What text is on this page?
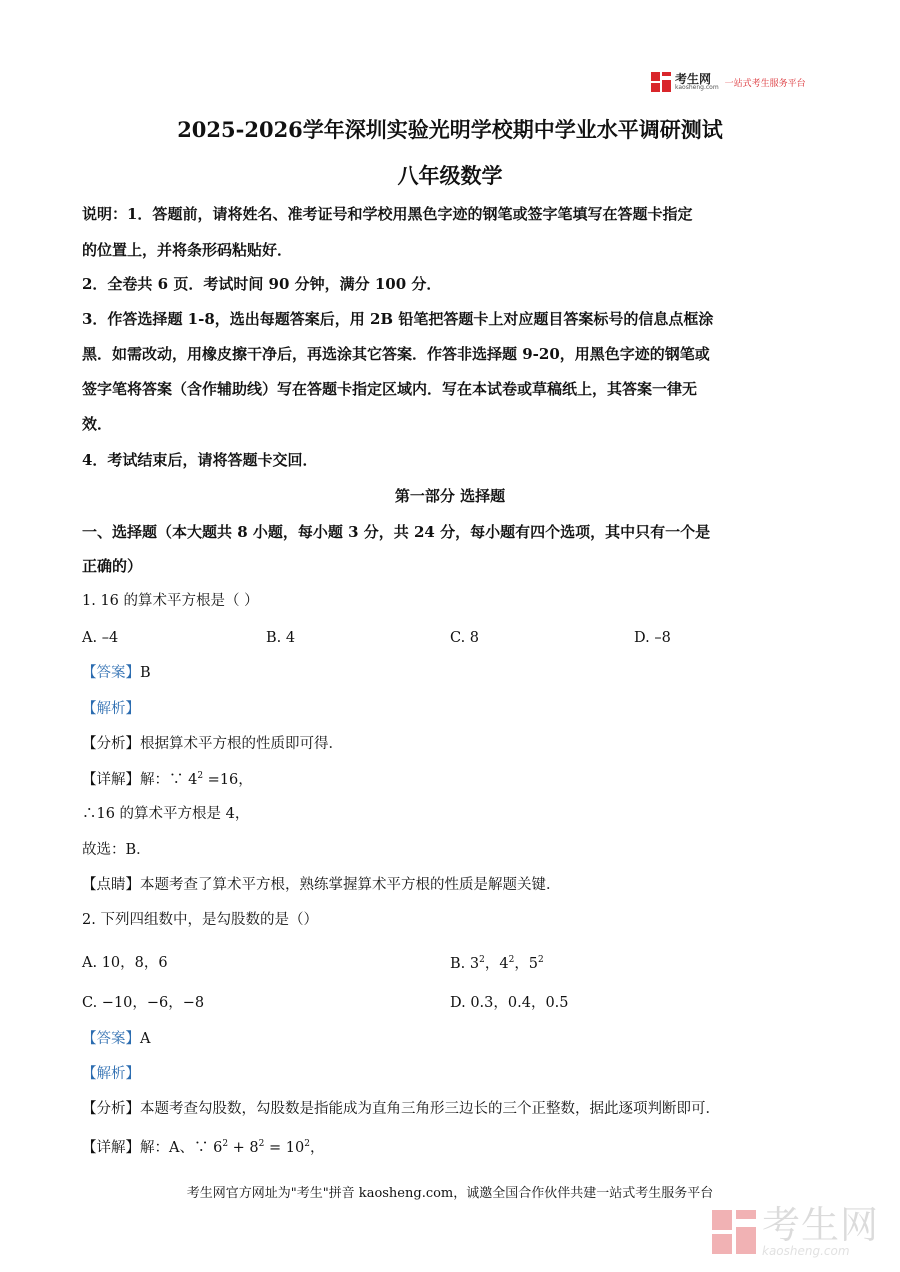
考生网
kaosheng.com 一站式考生服务平台
2025-2026学年深圳实验光明学校期中学业水平调研测试
八年级数学
说明：1．答题前，请将姓名、准考证号和学校用黑色字迹的钢笔或签字笔填写在答题卡指定
的位置上，并将条形码粘贴好．
2．全卷共 6 页．考试时间 90 分钟，满分 100 分．
3．作答选择题 1-8，选出每题答案后，用 2B 铅笔把答题卡上对应题目答案标号的信息点框涂
黑．如需改动，用橡皮擦干净后，再选涂其它答案．作答非选择题 9-20，用黑色字迹的钢笔或
签字笔将答案（含作辅助线）写在答题卡指定区域内．写在本试卷或草稿纸上，其答案一律无
效．
4．考试结束后，请将答题卡交回．
第一部分 选择题
一、选择题（本大题共 8 小题，每小题 3 分，共 24 分，每小题有四个选项，其中只有一个是
正确的）
1. 16 的算术平方根是（ ）
A. –4	B. 4	C. 8	D. –8
【答案】B
【解析】
【分析】根据算术平方根的性质即可得．
【详解】解：∵ $4^2 =16$，
∴16 的算术平方根是 4，
故选：B．
【点睛】本题考查了算术平方根，熟练掌握算术平方根的性质是解题关键．
2. 下列四组数中，是勾股数的是（）
A. 10，8，6	B. $3^2$，$4^2$，$5^2$
C. −10，−6，−8	D. 0.3，0.4，0.5
【答案】A
【解析】
【分析】本题考查勾股数，勾股数是指能成为直角三角形三边长的三个正整数，据此逐项判断即可．
【详解】解：A、∵ $6^2 + 8^2 = 10^2$，
考生网官方网址为"考生"拼音 kaosheng.com，诚邀全国合作伙伴共建一站式考生服务平台
考生网
kaosheng.com
